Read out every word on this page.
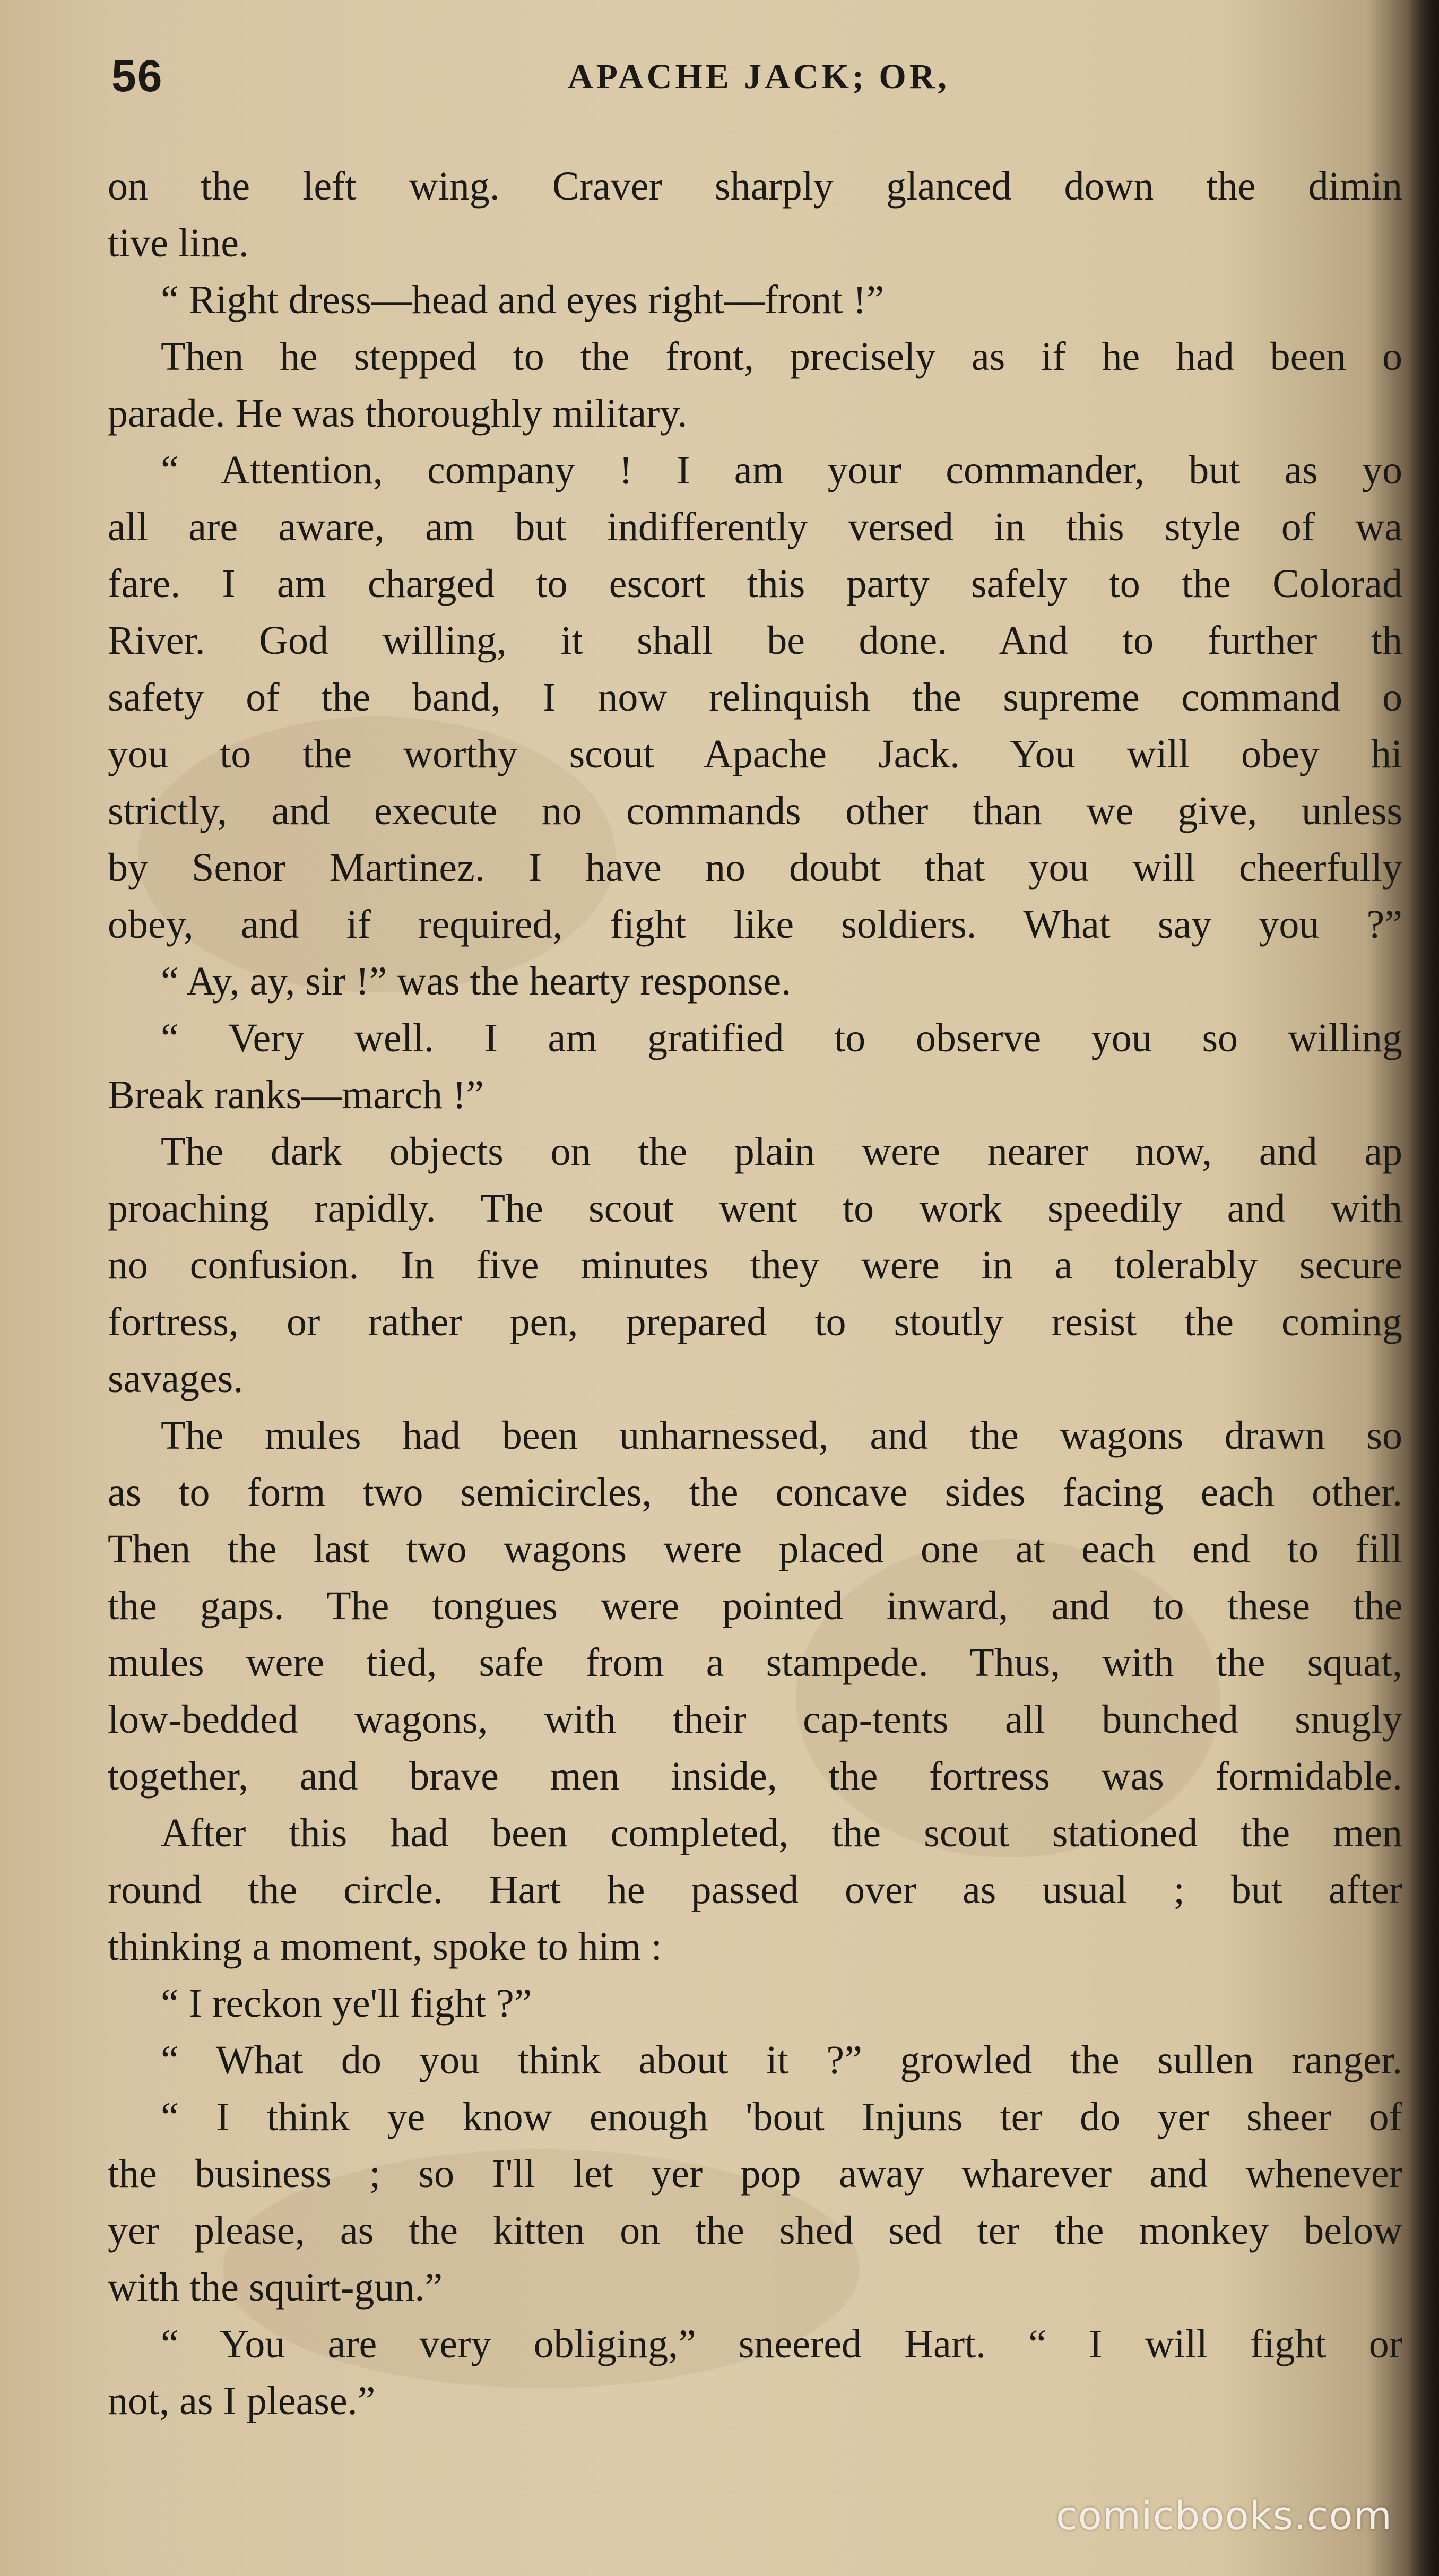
56	APACHE JACK; OR,
on the left wing. Craver sharply glanced down the dimin
tive line.
“ Right dress—head and eyes right—front !”
Then he stepped to the front, precisely as if he had been o
parade. He was thoroughly military.
“ Attention, company ! I am your commander, but as yo
all are aware, am but indifferently versed in this style of wa
fare. I am charged to escort this party safely to the Colorad
River. God willing, it shall be done. And to further th
safety of the band, I now relinquish the supreme command o
you to the worthy scout Apache Jack. You will obey hi
strictly, and execute no commands other than we give, unless
by Senor Martinez. I have no doubt that you will cheerfully
obey, and if required, fight like soldiers. What say you ?”
“ Ay, ay, sir !” was the hearty response.
“ Very well. I am gratified to observe you so willing
Break ranks—march !”
The dark objects on the plain were nearer now, and ap
proaching rapidly. The scout went to work speedily and with
no confusion. In five minutes they were in a tolerably secure
fortress, or rather pen, prepared to stoutly resist the coming
savages.
The mules had been unharnessed, and the wagons drawn so
as to form two semicircles, the concave sides facing each other.
Then the last two wagons were placed one at each end to fill
the gaps. The tongues were pointed inward, and to these the
mules were tied, safe from a stampede. Thus, with the squat,
low-bedded wagons, with their cap-tents all bunched snugly
together, and brave men inside, the fortress was formidable.
After this had been completed, the scout stationed the men
round the circle. Hart he passed over as usual ; but after
thinking a moment, spoke to him :
“ I reckon ye'll fight ?”
“ What do you think about it ?” growled the sullen ranger.
“ I think ye know enough 'bout Injuns ter do yer sheer of
the business ; so I'll let yer pop away wharever and whenever
yer please, as the kitten on the shed sed ter the monkey below
with the squirt-gun.”
“ You are very obliging,” sneered Hart. “ I will fight or
not, as I please.”
comicbooks.com
